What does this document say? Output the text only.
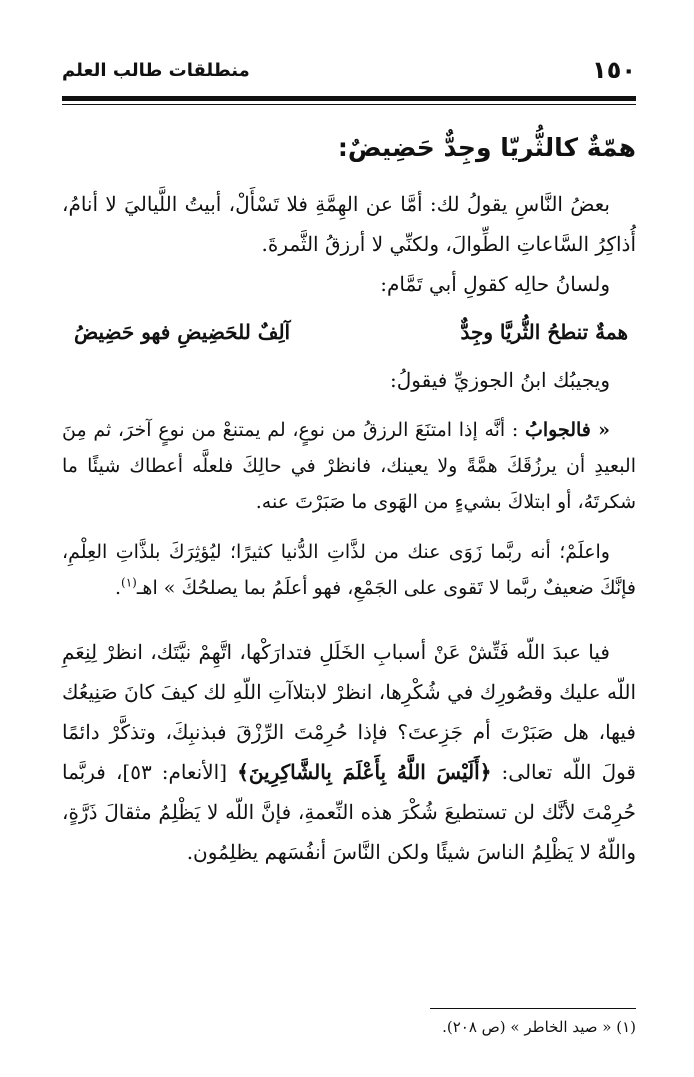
١٥٠
منطلقات طالب العلم
همّةٌ كالثُّريّا وجِدٌّ حَضِيضٌ:

بعضُ النَّاسِ يقولُ لك: أمَّا عن الهِمَّةِ فلا تَسْأَلْ، أبيتُ اللَّياليَ لا أنامُ، أُذاكِرُ السَّاعاتِ الطِّوالَ، ولكنِّي لا أرزقُ الثَّمرةَ.

ولسانُ حالِه كقولِ أبي تَمَّام:

همةٌ تنطحُ الثُّريَّا وجِدٌّ
آلِفٌ للحَضِيضِ فهو حَضِيضُ

ويجيبُك ابنُ الجوزيِّ فيقولُ:

« فالجوابُ : أنَّه إذا امتنَعَ الرزقُ من نوعٍ، لم يمتنعْ من نوعٍ آخرَ، ثم مِنَ البعيدِ أن يرزُقَكَ همَّةً ولا يعينك، فانظرْ في حالِكَ فلعلَّه أعطاك شيئًا ما شكرتَهُ، أو ابتلاكَ بشيءٍ من الهَوى ما صَبَرْتَ عنه.
واعلَمْ؛ أنه ربَّما زَوَى عنك من لذَّاتِ الدُّنيا كثيرًا؛ ليُؤثِرَكَ بلذَّاتِ العِلْمِ، فإنَّكَ ضعيفٌ ربَّما لا تَقوى على الجَمْعِ، فهو أعلَمُ بما يصلحُكَ » اهـ$^{(١)}$.

فيا عبدَ اللّه فَتِّشْ عَنْ أسبابِ الخَلَلِ فتدارَكْها، اتَّهِمْ نيَّتَك، انظرْ لِنِعَمِ اللّه عليك وقصُورِك في شُكْرِها، انظرْ لابتلاآتِ اللّهِ لك كيفَ كانَ صَنِيعُك فيها، هل صَبَرْتَ أم جَزِعتَ؟ فإذا حُرِمْتَ الرِّزْقَ فبذنبِكَ، وتذكَّرْ دائمًا قولَ اللّه تعالى: ﴿أَلَيْسَ اللَّهُ بِأَعْلَمَ بِالشَّاكِرِينَ﴾ [الأنعام: ٥٣]، فربَّما حُرِمْتَ لأنَّك لن تستطيعَ شُكْرَ هذه النِّعمةِ، فإنَّ اللّه لا يَظْلِمُ مثقالَ ذَرَّةٍ، واللّهُ لا يَظْلِمُ الناسَ شيئًا ولكن النَّاسَ أنفُسَهم يظلِمُون.

(١) « صيد الخاطر » (ص ٢٠٨).
